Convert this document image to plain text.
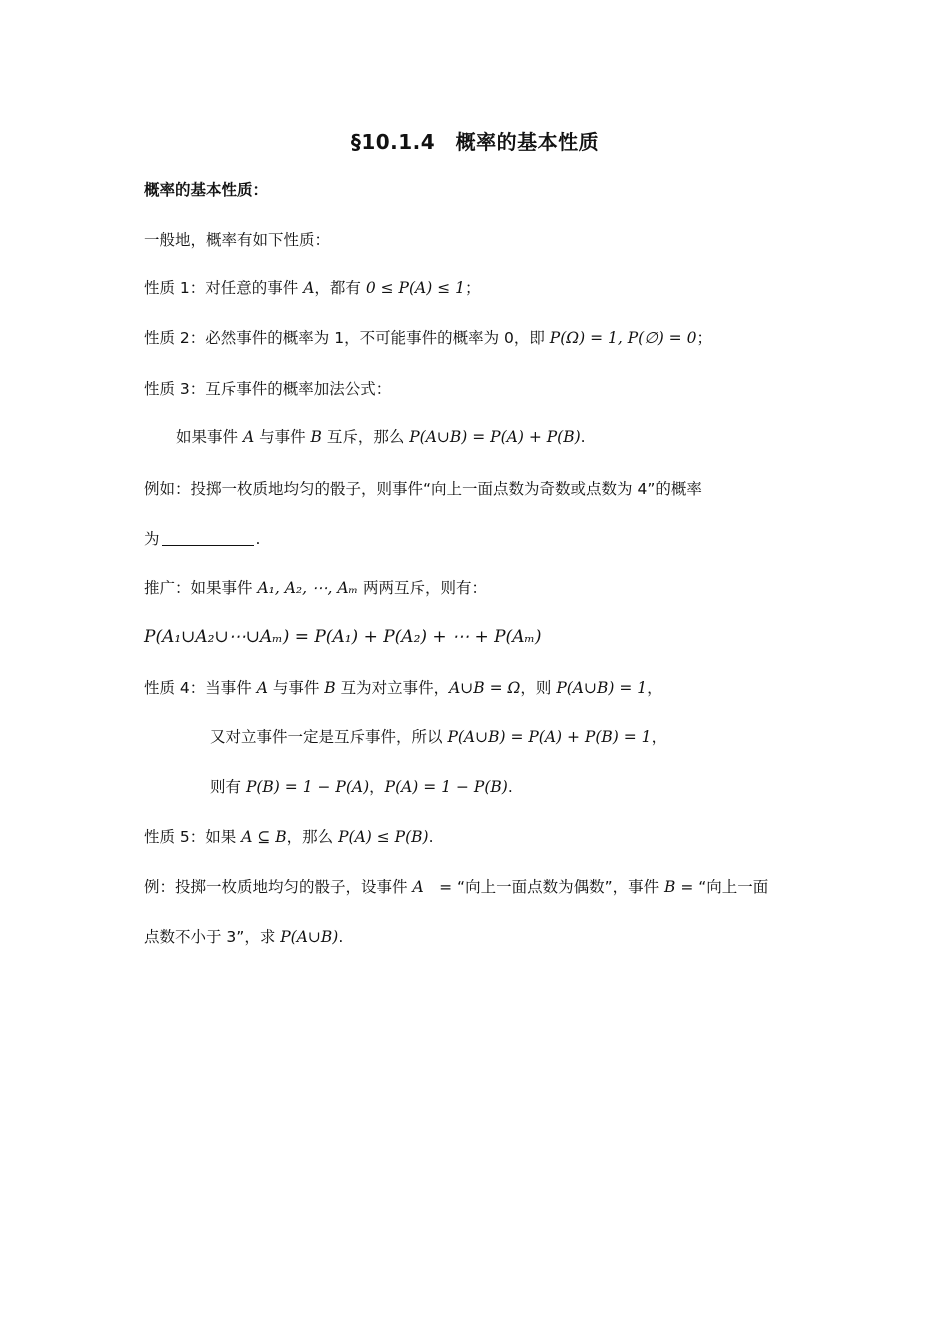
§10.1.4　概率的基本性质
概率的基本性质：
一般地，概率有如下性质：
性质 1：对任意的事件 A，都有 0 ≤ P(A) ≤ 1；
性质 2：必然事件的概率为 1，不可能事件的概率为 0，即 P(Ω) = 1, P(∅) = 0；
性质 3：互斥事件的概率加法公式：
如果事件 A 与事件 B 互斥，那么 P(A∪B) = P(A) + P(B).
例如：投掷一枚质地均匀的骰子，则事件“向上一面点数为奇数或点数为 4”的概率
为	.
推广：如果事件 A₁, A₂, ⋯, Aₘ 两两互斥，则有：
P(A₁∪A₂∪⋯∪Aₘ) = P(A₁) + P(A₂) + ⋯ + P(Aₘ)
性质 4：当事件 A 与事件 B 互为对立事件，A∪B = Ω，则 P(A∪B) = 1，
又对立事件一定是互斥事件，所以 P(A∪B) = P(A) + P(B) = 1，
则有 P(B) = 1 − P(A)，P(A) = 1 − P(B).
性质 5：如果 A ⊆ B，那么 P(A) ≤ P(B).
例：投掷一枚质地均匀的骰子，设事件 A　= “向上一面点数为偶数”，事件 B = “向上一面
点数不小于 3”，求 P(A∪B).
